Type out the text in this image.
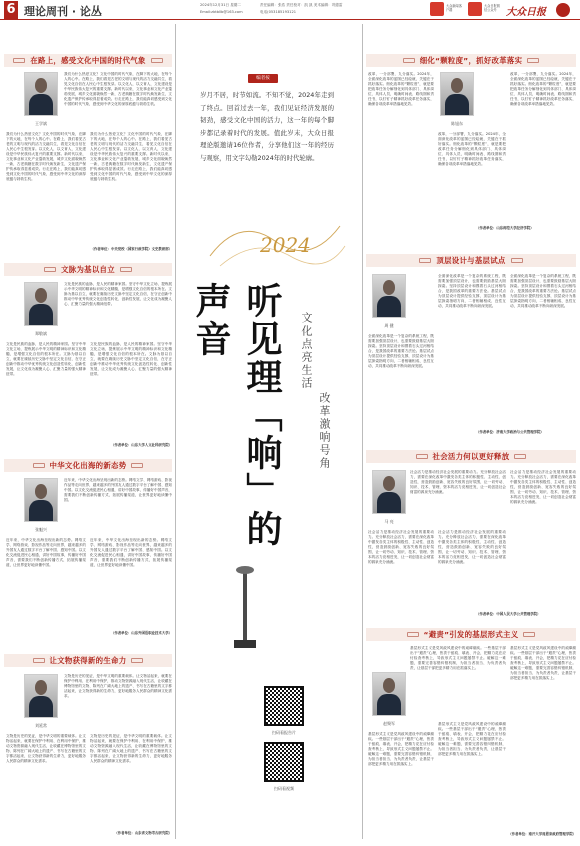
6 理论周刊 · 论丛	2024年12月31日 星期二	责任编辑：张浩 责任校对：凯 凯 美术编辑：巩德雷
Email:zbtbllb@163.com	电话(053185193121
大众新闻客户端
大众日报微信公众号 大众日报
在路上，感受文化中国的时代气象
王学斌
我们为什么热爱文化？文化中国的时代气象，在脚下的大地，在每个人的心中。在路上，我们看见古老的文明与现代的活力交融共生，看见文化自信在人民心中生根发芽。以文化人，以文育人，文化建设是中华民族伟大复兴的重要支撑。新时代以来，文化事业和文化产业蓬勃发展，城乡文化面貌焕然一新，古老典籍在数字时代焕发新生，文化遗产保护传承取得显著成效。行走在路上，我们能真切感受到文化中国的时代气象，感受到中华文化的深厚底蕴与勃勃生机。
我们为什么热爱文化？文化中国的时代气象，在脚下的大地，在每个人的心中。在路上，我们看见古老的文明与现代的活力交融共生，看见文化自信在人民心中生根发芽。以文化人，以文育人，文化建设是中华民族伟大复兴的重要支撑。新时代以来，文化事业和文化产业蓬勃发展，城乡文化面貌焕然一新，古老典籍在数字时代焕发新生，文化遗产保护传承取得显著成效。行走在路上，我们能真切感受到文化中国的时代气象，感受到中华文化的深厚底蕴与勃勃生机。
我们为什么热爱文化？文化中国的时代气象，在脚下的大地，在每个人的心中。在路上，我们看见古老的文明与现代的活力交融共生，看见文化自信在人民心中生根发芽。以文化人，以文育人，文化建设是中华民族伟大复兴的重要支撑。新时代以来，文化事业和文化产业蓬勃发展，城乡文化面貌焕然一新，古老典籍在数字时代焕发新生，文化遗产保护传承取得显著成效。行走在路上，我们能真切感受到文化中国的时代气象，感受到中华文化的深厚底蕴与勃勃生机。
（作者单位：中央党校（国家行政学院）文史教研部）
文脉为基以自立
郑敬斌
文化是民族的血脉，是人民的精神家园。坚守中华文化立场，提炼展示中华文明的精神标识和文化精髓，是增强文化自信的根本所在。文脉为基以自立，就要在赓续历史文脉中坚定文化自信，在守正创新中推动中华优秀传统文化创造性转化、创新性发展，让文化成为凝聚人心、汇聚力量的强大精神纽带。
文化是民族的血脉，是人民的精神家园。坚守中华文化立场，提炼展示中华文明的精神标识和文化精髓，是增强文化自信的根本所在。文脉为基以自立，就要在赓续历史文脉中坚定文化自信，在守正创新中推动中华优秀传统文化创造性转化、创新性发展，让文化成为凝聚人心、汇聚力量的强大精神纽带。
文化是民族的血脉，是人民的精神家园。坚守中华文化立场，提炼展示中华文明的精神标识和文化精髓，是增强文化自信的根本所在。文脉为基以自立，就要在赓续历史文脉中坚定文化自信，在守正创新中推动中华优秀传统文化创造性转化、创新性发展，让文化成为凝聚人心、汇聚力量的强大精神纽带。
（作者单位：山东大学人文社科研究院）
中华文化出海的新态势
张魁兴
近年来，中华文化出海呈现出新的态势。网络文学、网络游戏、影视作品等走向世界，越来越多的外国友人通过数字平台了解中国、感知中国。以文化交流促进民心相通，讲好中国故事，传播好中国声音，需要我们不断创新传播方式，拓展传播渠道，让世界更好地读懂中国。
近年来，中华文化出海呈现出新的态势。网络文学、网络游戏、影视作品等走向世界，越来越多的外国友人通过数字平台了解中国、感知中国。以文化交流促进民心相通，讲好中国故事，传播好中国声音，需要我们不断创新传播方式，拓展传播渠道，让世界更好地读懂中国。
近年来，中华文化出海呈现出新的态势。网络文学、网络游戏、影视作品等走向世界，越来越多的外国友人通过数字平台了解中国、感知中国。以文化交流促进民心相通，讲好中国故事，传播好中国声音，需要我们不断创新传播方式，拓展传播渠道，让世界更好地读懂中国。
（作者单位：山东外国语职业技术大学）
让文物获得新的生命力
刘延常
文物是历史的见证，是中华文明的重要载体。让文物活起来，就要在保护中利用、在利用中保护，推动文物资源融入现代生活，让收藏在博物馆里的文物、陈列在广阔大地上的遗产、书写在古籍里的文字都活起来，让文物获得新的生命力，更好地服务人民群众的精神文化需求。
文物是历史的见证，是中华文明的重要载体。让文物活起来，就要在保护中利用、在利用中保护，推动文物资源融入现代生活，让收藏在博物馆里的文物、陈列在广阔大地上的遗产、书写在古籍里的文字都活起来，让文物获得新的生命力，更好地服务人民群众的精神文化需求。
文物是历史的见证，是中华文明的重要载体。让文物活起来，就要在保护中利用、在利用中保护，推动文物资源融入现代生活，让收藏在博物馆里的文物、陈列在广阔大地上的遗产、书写在古籍里的文字都活起来，让文物获得新的生命力，更好地服务人民群众的精神文化需求。
（作者单位：山东省文物考古研究院）
编者按
岁月不居，时节如流。不知不觉，2024年走到了终点。回首过去一年，我们见证经济发展的韧劲，感受文化中国的活力，这一年的每个脚步都记录着时代的发展。值此岁末，大众日报理论版邀请16位作者，分享他们这一年的经历与观察，用文字勾勒2024年的时代轮廓。
2024
听见理「响」的声音	文化点亮生活
改革激响号角
扫码看报告片
扫码看视频
细化“颗粒度”，抓好改革落实
改革，一分部署，九分落实。2024年，全面深化改革的蓝图已经绘就，关键在于抓好落实。细化改革的“颗粒度”，就是要把改革任务分解细化到具体部门、具体岗位、具体人员，明确时间表、路线图和责任书，以钉钉子精神抓好改革任务落实，确保各项改革举措落地见效。
陈旭东
改革，一分部署，九分落实。2024年，全面深化改革的蓝图已经绘就，关键在于抓好落实。细化改革的“颗粒度”，就是要把改革任务分解细化到具体部门、具体岗位、具体人员，明确时间表、路线图和责任书，以钉钉子精神抓好改革任务落实，确保各项改革举措落地见效。
改革，一分部署，九分落实。2024年，全面深化改革的蓝图已经绘就，关键在于抓好落实。细化改革的“颗粒度”，就是要把改革任务分解细化到具体部门、具体岗位、具体人员，明确时间表、路线图和责任书，以钉钉子精神抓好改革任务落实，确保各项改革举措落地见效。
（作者单位：山东师范大学经济学院）
顶层设计与基层试点
周 健
全面深化改革是一个复杂的系统工程，既需要加强顶层设计，也需要鼓励基层大胆探索。坚持顶层设计和摸着石头过河相结合，是我国改革的重要方法论。基层试点为顶层设计提供经验支撑，顶层设计为基层探索指明方向，二者相辅相成、良性互动，共同推动改革不断向纵深发展。
全面深化改革是一个复杂的系统工程，既需要加强顶层设计，也需要鼓励基层大胆探索。坚持顶层设计和摸着石头过河相结合，是我国改革的重要方法论。基层试点为顶层设计提供经验支撑，顶层设计为基层探索指明方向，二者相辅相成、良性互动，共同推动改革不断向纵深发展。
全面深化改革是一个复杂的系统工程，既需要加强顶层设计，也需要鼓励基层大胆探索。坚持顶层设计和摸着石头过河相结合，是我国改革的重要方法论。基层试点为顶层设计提供经验支撑，顶层设计为基层探索指明方向，二者相辅相成、良性互动，共同推动改革不断向纵深发展。
（作者单位：济南大学政治与公共管理学院）
社会活力何以更好释放
马 亮
社会活力是推动经济社会发展的重要动力。充分释放社会活力，需要在深化改革中激发各类主体的积极性、主动性、创造性，营造鼓励创新、宽容失败的良好氛围，让一切劳动、知识、技术、管理、资本的活力竞相迸发，让一切创造社会财富的源泉充分涌流。
社会活力是推动经济社会发展的重要动力。充分释放社会活力，需要在深化改革中激发各类主体的积极性、主动性、创造性，营造鼓励创新、宽容失败的良好氛围，让一切劳动、知识、技术、管理、资本的活力竞相迸发，让一切创造社会财富的源泉充分涌流。
社会活力是推动经济社会发展的重要动力。充分释放社会活力，需要在深化改革中激发各类主体的积极性、主动性、创造性，营造鼓励创新、宽容失败的良好氛围，让一切劳动、知识、技术、管理、资本的活力竞相迸发，让一切创造社会财富的源泉充分涌流。
社会活力是推动经济社会发展的重要动力。充分释放社会活力，需要在深化改革中激发各类主体的积极性、主动性、创造性，营造鼓励创新、宽容失败的良好氛围，让一切劳动、知识、技术、管理、资本的活力竞相迸发，让一切创造社会财富的源泉充分涌流。
（作者单位：中国人民大学公共管理学院）
“避责”引发的基层形式主义
赵聚军
基层形式主义是党风政风建设中的顽瘴痼疾。一些基层干部出于“避责”心理，热衷于留痕、填表、开会，把精力花在应付检查考核上，导致形式主义问题屡禁不止。破解这一难题，需要完善容错纠错机制，为担当者担当、为负责者负责，让基层干部把更多精力用在抓落实上。
基层形式主义是党风政风建设中的顽瘴痼疾。一些基层干部出于“避责”心理，热衷于留痕、填表、开会，把精力花在应付检查考核上，导致形式主义问题屡禁不止。破解这一难题，需要完善容错纠错机制，为担当者担当、为负责者负责，让基层干部把更多精力用在抓落实上。
基层形式主义是党风政风建设中的顽瘴痼疾。一些基层干部出于“避责”心理，热衷于留痕、填表、开会，把精力花在应付检查考核上，导致形式主义问题屡禁不止。破解这一难题，需要完善容错纠错机制，为担当者担当、为负责者负责，让基层干部把更多精力用在抓落实上。
基层形式主义是党风政风建设中的顽瘴痼疾。一些基层干部出于“避责”心理，热衷于留痕、填表、开会，把精力花在应付检查考核上，导致形式主义问题屡禁不止。破解这一难题，需要完善容错纠错机制，为担当者担当、为负责者负责，让基层干部把更多精力用在抓落实上。
（作者单位：南开大学周恩来政府管理学院）
